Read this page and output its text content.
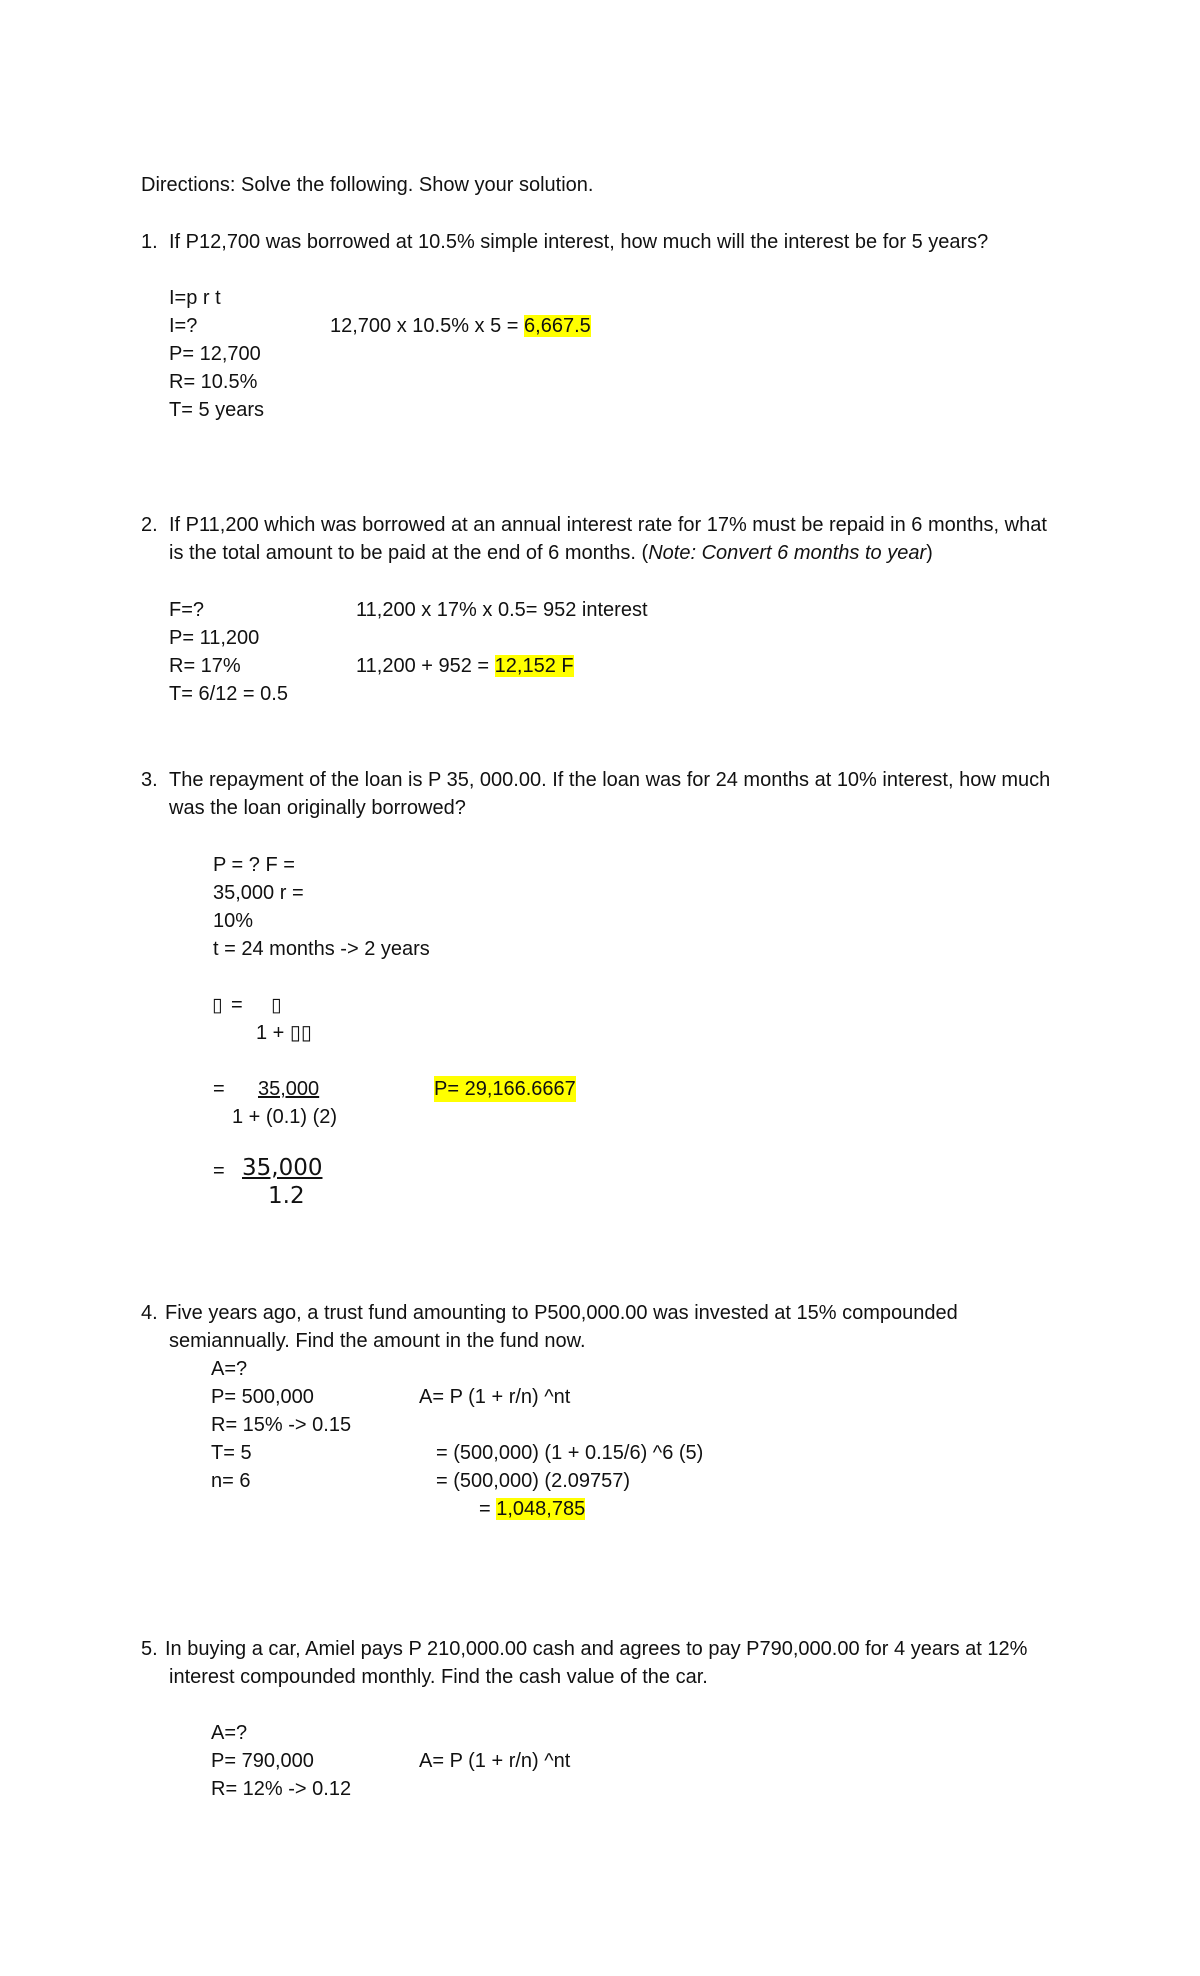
Directions: Solve the following. Show your solution.
1. If P12,700 was borrowed at 10.5% simple interest, how much will the interest be for 5 years?
I=p r t
I=?
P= 12,700
R= 10.5%
T= 5 years
12,700 x 10.5% x 5 = 6,667.5
2. If P11,200 which was borrowed at an annual interest rate for 17% must be repaid in 6 months, what
is the total amount to be paid at the end of 6 months. (Note: Convert 6 months to year)
F=?
P= 11,200
R= 17%
T= 6/12 = 0.5
11,200 x 17% x 0.5= 952 interest
11,200 + 952 = 12,152 F
3. The repayment of the loan is P 35, 000.00. If the loan was for 24 months at 10% interest, how much
was the loan originally borrowed?
P = ? F =
35,000 r =
10%
t = 24 months -> 2 years
▯ =	▯
1 + ▯▯
=	35,000
1 + (0.1) (2)
P= 29,166.6667
= 35,000
1.2
4. Five years ago, a trust fund amounting to P500,000.00 was invested at 15% compounded
semiannually. Find the amount in the fund now.
A=?
P= 500,000
R= 15% -> 0.15
T= 5
n= 6
A= P (1 + r/n) ^nt
= (500,000) (1 + 0.15/6) ^6 (5)
= (500,000) (2.09757)
= 1,048,785
5. In buying a car, Amiel pays P 210,000.00 cash and agrees to pay P790,000.00 for 4 years at 12%
interest compounded monthly. Find the cash value of the car.
A=?
P= 790,000
R= 12% -> 0.12
A= P (1 + r/n) ^nt
